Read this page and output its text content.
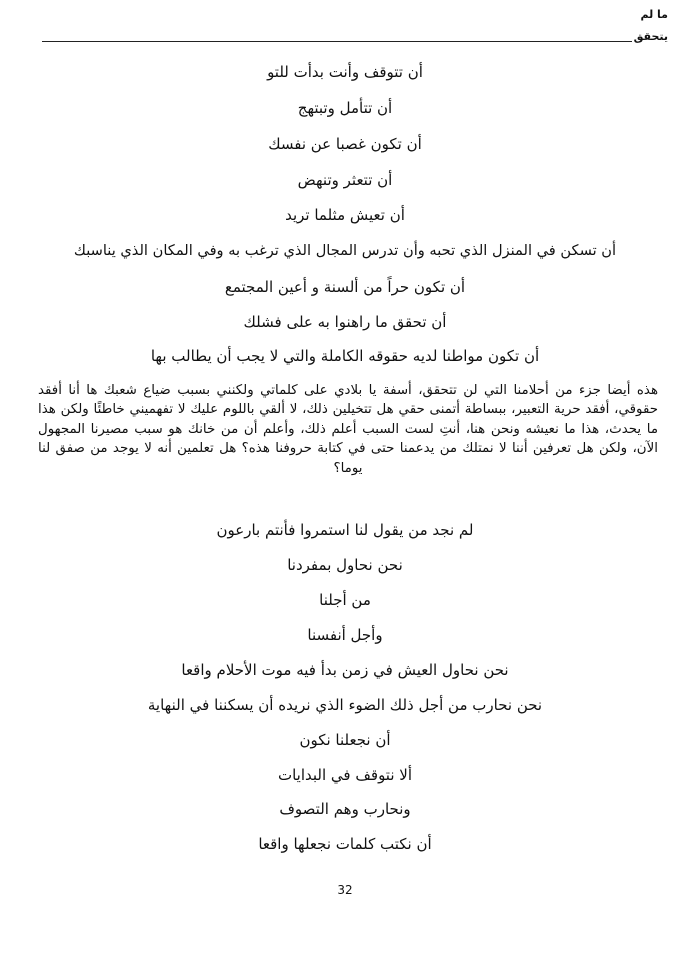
ما لم
يتحقق
أن تتوقف وأنت بدأت للتو
أن تتأمل وتبتهج
أن تكون غصبا عن نفسك
أن تتعثر وتنهض
أن تعيش مثلما تريد
أن تسكن في المنزل الذي تحبه وأن تدرس المجال الذي ترغب به وفي المكان الذي يناسبك
أن تكون حراً من ألسنة و أعين المجتمع
أن تحقق ما راهنوا به على فشلك
أن تكون مواطنا لديه حقوقه الكاملة والتي لا يجب أن يطالب بها
هذه أيضا جزء من أحلامنا التي لن تتحقق، أسفة يا بلادي على كلماتي ولكنني بسبب ضياع شعبك ها أنا أفقد حقوقي، أفقد حرية التعبير، ببساطة أتمنى حقي هل تتخيلين ذلك، لا ألقي باللوم عليك لا تفهميني خاطئًا ولكن هذا ما يحدث، هذا ما نعيشه ونحن هنا، أنتِ لست السبب أعلم ذلك، وأعلم أن من خانك هو سبب مصيرنا المجهول الآن، ولكن هل تعرفين أننا لا نمتلك من يدعمنا حتى في كتابة حروفنا هذه؟ هل تعلمين أنه لا يوجد من صفق لنا يوما؟
لم نجد من يقول لنا استمروا فأنتم بارعون
نحن نحاول بمفردنا
من أجلنا
وأجل أنفسنا
نحن نحاول العيش في زمن بدأ فيه موت الأحلام واقعا
نحن نحارب من أجل ذلك الضوء الذي نريده أن يسكننا في النهاية
أن نجعلنا نكون
ألا نتوقف في البدايات
ونحارب وهم التصوف
أن نكتب كلمات نجعلها واقعا
32
